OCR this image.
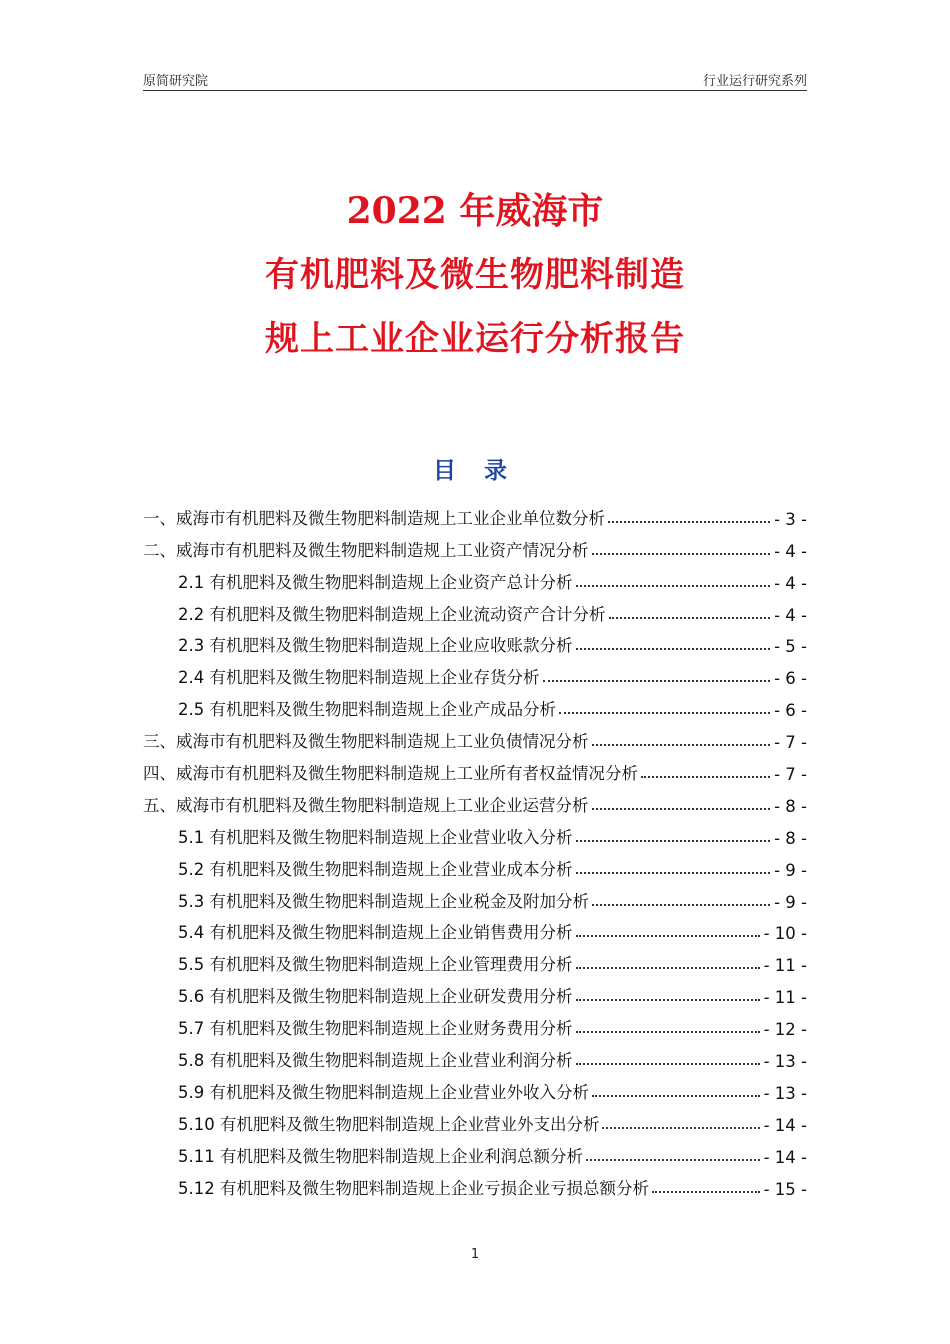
原简研究院	行业运行研究系列
2022 年威海市
有机肥料及微生物肥料制造
规上工业企业运行分析报告
目 录
一、威海市有机肥料及微生物肥料制造规上工业企业单位数分析	- 3 -
二、威海市有机肥料及微生物肥料制造规上工业资产情况分析	- 4 -
2.1 有机肥料及微生物肥料制造规上企业资产总计分析	- 4 -
2.2 有机肥料及微生物肥料制造规上企业流动资产合计分析	- 4 -
2.3 有机肥料及微生物肥料制造规上企业应收账款分析	- 5 -
2.4 有机肥料及微生物肥料制造规上企业存货分析	- 6 -
2.5 有机肥料及微生物肥料制造规上企业产成品分析	- 6 -
三、威海市有机肥料及微生物肥料制造规上工业负债情况分析	- 7 -
四、威海市有机肥料及微生物肥料制造规上工业所有者权益情况分析	- 7 -
五、威海市有机肥料及微生物肥料制造规上工业企业运营分析	- 8 -
5.1 有机肥料及微生物肥料制造规上企业营业收入分析	- 8 -
5.2 有机肥料及微生物肥料制造规上企业营业成本分析	- 9 -
5.3 有机肥料及微生物肥料制造规上企业税金及附加分析	- 9 -
5.4 有机肥料及微生物肥料制造规上企业销售费用分析	- 10 -
5.5 有机肥料及微生物肥料制造规上企业管理费用分析	- 11 -
5.6 有机肥料及微生物肥料制造规上企业研发费用分析	- 11 -
5.7 有机肥料及微生物肥料制造规上企业财务费用分析	- 12 -
5.8 有机肥料及微生物肥料制造规上企业营业利润分析	- 13 -
5.9 有机肥料及微生物肥料制造规上企业营业外收入分析	- 13 -
5.10 有机肥料及微生物肥料制造规上企业营业外支出分析	- 14 -
5.11 有机肥料及微生物肥料制造规上企业利润总额分析	- 14 -
5.12 有机肥料及微生物肥料制造规上企业亏损企业亏损总额分析	- 15 -
1
